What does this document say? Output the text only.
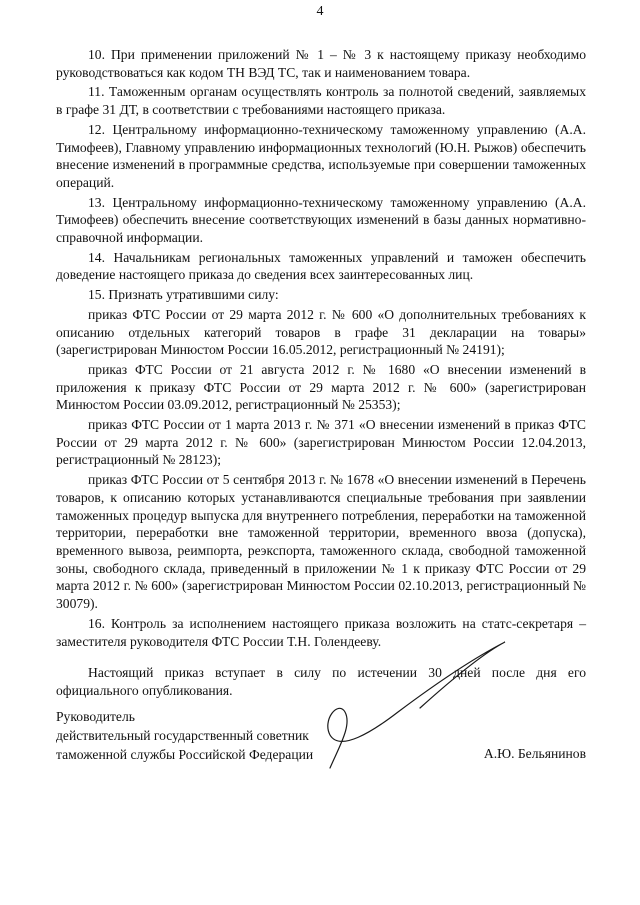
4

10. При применении приложений № 1 – № 3 к настоящему приказу необходимо руководствоваться как кодом ТН ВЭД ТС, так и наименованием товара.

11. Таможенным органам осуществлять контроль за полнотой сведений, заявляемых в графе 31 ДТ, в соответствии с требованиями настоящего приказа.

12. Центральному информационно-техническому таможенному управлению (А.А. Тимофеев), Главному управлению информационных технологий (Ю.Н. Рыжов) обеспечить внесение изменений в программные средства, используемые при совершении таможенных операций.

13. Центральному информационно-техническому таможенному управлению (А.А. Тимофеев) обеспечить внесение соответствующих изменений в базы данных нормативно-справочной информации.

14. Начальникам региональных таможенных управлений и таможен обеспечить доведение настоящего приказа до сведения всех заинтересованных лиц.

15. Признать утратившими силу:

приказ ФТС России от 29 марта 2012 г. № 600 «О дополнительных требованиях к описанию отдельных категорий товаров в графе 31 декларации на товары» (зарегистрирован Минюстом России 16.05.2012, регистрационный № 24191);

приказ ФТС России от 21 августа 2012 г. № 1680 «О внесении изменений в приложения к приказу ФТС России от 29 марта 2012 г. № 600» (зарегистрирован Минюстом России 03.09.2012, регистрационный № 25353);

приказ ФТС России от 1 марта 2013 г. № 371 «О внесении изменений в приказ ФТС России от 29 марта 2012 г. № 600» (зарегистрирован Минюстом России 12.04.2013, регистрационный № 28123);

приказ ФТС России от 5 сентября 2013 г. № 1678 «О внесении изменений в Перечень товаров, к описанию которых устанавливаются специальные требования при заявлении таможенных процедур выпуска для внутреннего потребления, переработки на таможенной территории, переработки вне таможенной территории, временного ввоза (допуска), временного вывоза, реимпорта, реэкспорта, таможенного склада, свободной таможенной зоны, свободного склада, приведенный в приложении № 1 к приказу ФТС России от 29 марта 2012 г. № 600» (зарегистрирован Минюстом России 02.10.2013, регистрационный № 30079).

16. Контроль за исполнением настоящего приказа возложить на статс-секретаря – заместителя руководителя ФТС России Т.Н. Голендееву.

Настоящий приказ вступает в силу по истечении 30 дней после дня его официального опубликования.

Руководитель
действительный государственный советник
таможенной службы Российской Федерации	А.Ю. Бельянинов
Смирнова
22  12  14
